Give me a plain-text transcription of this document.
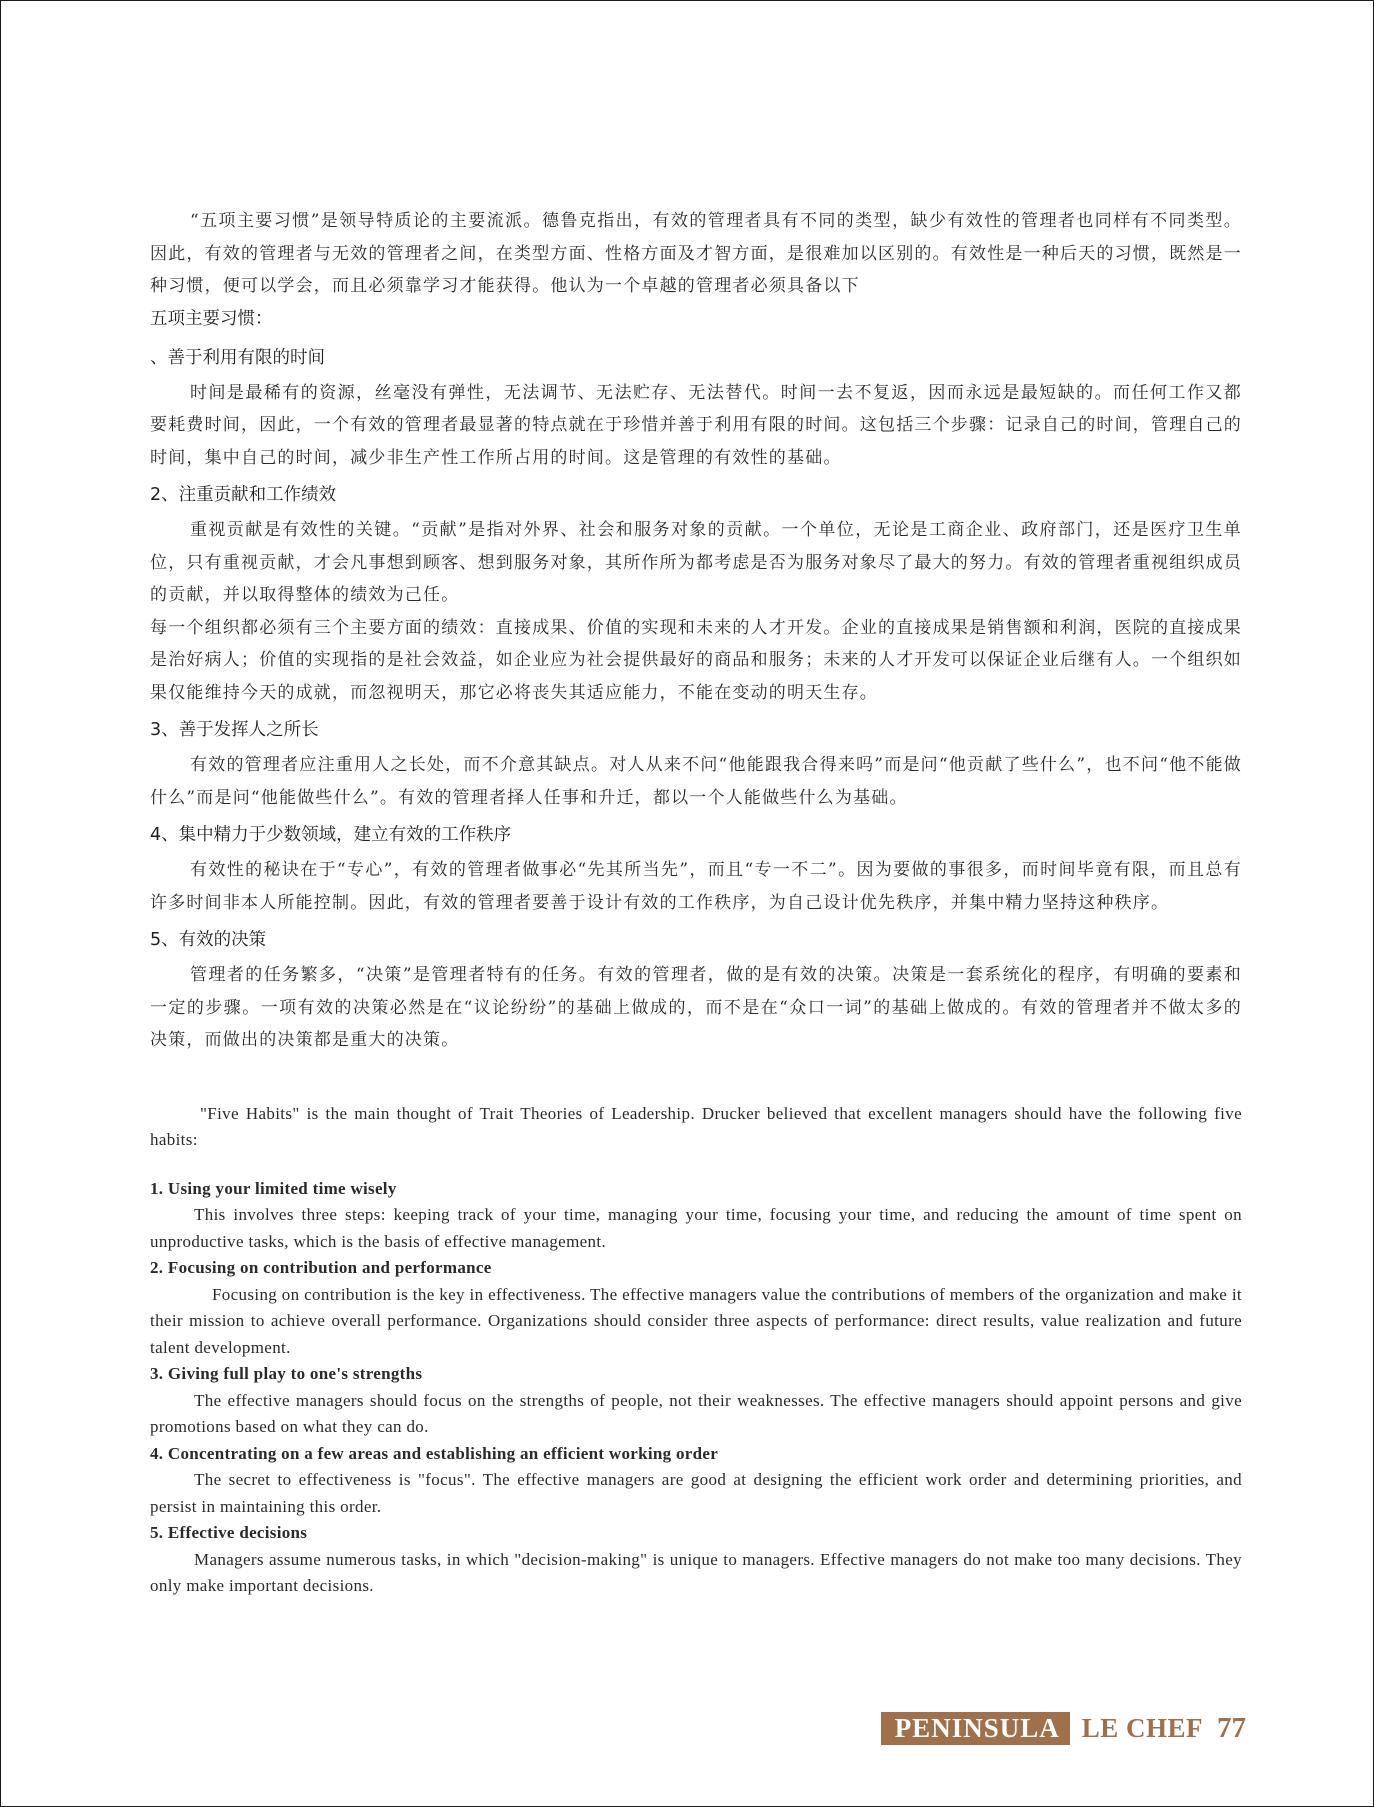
“五项主要习惯”是领导特质论的主要流派。德鲁克指出，有效的管理者具有不同的类型，缺少有效性的管理者也同样有不同类型。因此，有效的管理者与无效的管理者之间，在类型方面、性格方面及才智方面，是很难加以区别的。有效性是一种后天的习惯，既然是一种习惯，便可以学会，而且必须靠学习才能获得。他认为一个卓越的管理者必须具备以下

五项主要习惯：
、善于利用有限的时间

时间是最稀有的资源，丝毫没有弹性，无法调节、无法贮存、无法替代。时间一去不复返，因而永远是最短缺的。而任何工作又都要耗费时间，因此，一个有效的管理者最显著的特点就在于珍惜并善于利用有限的时间。这包括三个步骤：记录自己的时间，管理自己的时间，集中自己的时间，减少非生产性工作所占用的时间。这是管理的有效性的基础。

2、注重贡献和工作绩效

重视贡献是有效性的关键。“贡献”是指对外界、社会和服务对象的贡献。一个单位，无论是工商企业、政府部门，还是医疗卫生单位，只有重视贡献，才会凡事想到顾客、想到服务对象，其所作所为都考虑是否为服务对象尽了最大的努力。有效的管理者重视组织成员的贡献，并以取得整体的绩效为己任。

每一个组织都必须有三个主要方面的绩效：直接成果、价值的实现和未来的人才开发。企业的直接成果是销售额和利润，医院的直接成果是治好病人；价值的实现指的是社会效益，如企业应为社会提供最好的商品和服务；未来的人才开发可以保证企业后继有人。一个组织如果仅能维持今天的成就，而忽视明天，那它必将丧失其适应能力，不能在变动的明天生存。

3、善于发挥人之所长

有效的管理者应注重用人之长处，而不介意其缺点。对人从来不问“他能跟我合得来吗”而是问“他贡献了些什么”，也不问“他不能做什么”而是问“他能做些什么”。有效的管理者择人任事和升迁，都以一个人能做些什么为基础。

4、集中精力于少数领域，建立有效的工作秩序

有效性的秘诀在于“专心”，有效的管理者做事必“先其所当先”，而且“专一不二”。因为要做的事很多，而时间毕竟有限，而且总有许多时间非本人所能控制。因此，有效的管理者要善于设计有效的工作秩序，为自己设计优先秩序，并集中精力坚持这种秩序。

5、有效的决策

管理者的任务繁多，“决策”是管理者特有的任务。有效的管理者，做的是有效的决策。决策是一套系统化的程序，有明确的要素和一定的步骤。一项有效的决策必然是在“议论纷纷”的基础上做成的，而不是在“众口一词”的基础上做成的。有效的管理者并不做太多的决策，而做出的决策都是重大的决策。

"Five Habits" is the main thought of Trait Theories of Leadership. Drucker believed that excellent managers should have the following five habits:

1. Using your limited time wisely

This involves three steps: keeping track of your time, managing your time, focusing your time, and reducing the amount of time spent on unproductive tasks, which is the basis of effective management.

2. Focusing on contribution and performance

Focusing on contribution is the key in effectiveness. The effective managers value the contributions of members of the organization and make it their mission to achieve overall performance. Organizations should consider three aspects of performance: direct results, value realization and future talent development.

3. Giving full play to one's strengths

The effective managers should focus on the strengths of people, not their weaknesses. The effective managers should appoint persons and give promotions based on what they can do.

4. Concentrating on a few areas and establishing an efficient working order

The secret to effectiveness is "focus". The effective managers are good at designing the efficient work order and determining priorities, and persist in maintaining this order.

5. Effective decisions

Managers assume numerous tasks, in which "decision-making" is unique to managers. Effective managers do not make too many decisions. They only make important decisions.

PENINSULA LE CHEF 77
